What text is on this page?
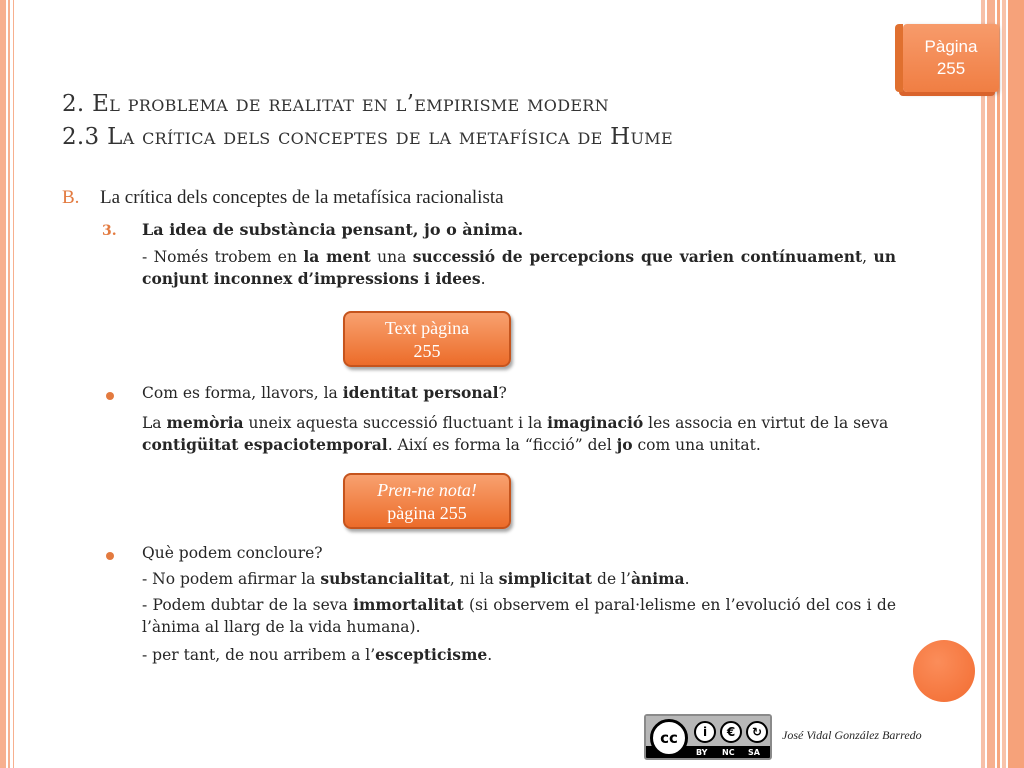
Pàgina
255
2. El problema de realitat en l’empirisme modern
2.3 La crítica dels conceptes de la metafísica de Hume
B. La crítica dels conceptes de la metafísica racionalista
3. La idea de substància pensant, jo o ànima.
- Només trobem en la ment una successió de percepcions que varien contínuament, un conjunt inconnex d’impressions i idees.
Com es forma, llavors, la identitat personal?
La memòria uneix aquesta successió fluctuant i la imaginació les associa en virtut de la seva contigüitat espaciotemporal. Així es forma la “ficció” del jo com una unitat.
Què podem concloure?
- No podem afirmar la substancialitat, ni la simplicitat de l’ànima.
- Podem dubtar de la seva immortalitat (si observem el paral·lelisme en l’evolució del cos i de l’ànima al llarg de la vida humana).
- per tant, de nou arribem a l’escepticisme.
Text pàgina
255
Pren-ne nota!
pàgina 255
cc	i	€	↻
BY NC SA
José Vidal González Barredo
